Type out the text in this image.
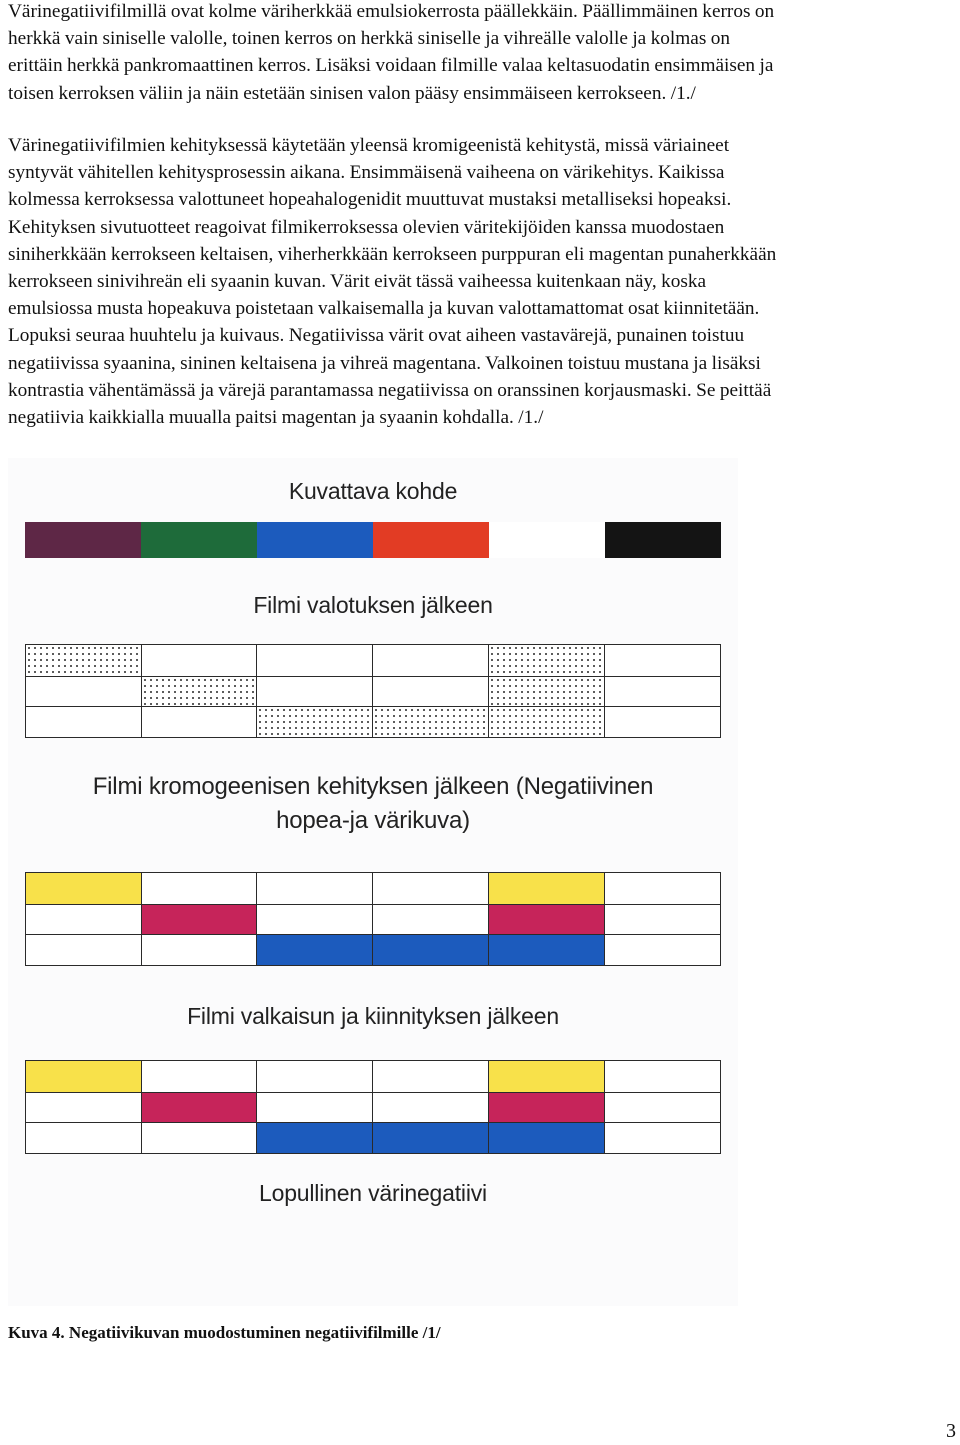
Värinegatiivifilmillä ovat kolme väriherkkää emulsiokerrosta päällekkäin. Päällimmäinen kerros on
herkkä vain siniselle valolle, toinen kerros on herkkä siniselle ja vihreälle valolle ja kolmas on
erittäin herkkä pankromaattinen kerros. Lisäksi voidaan filmille valaa keltasuodatin ensimmäisen ja
toisen kerroksen väliin ja näin estetään sinisen valon pääsy ensimmäiseen kerrokseen. /1./
Värinegatiivifilmien kehityksessä käytetään yleensä kromigeenistä kehitystä, missä väriaineet
syntyvät vähitellen kehitysprosessin aikana. Ensimmäisenä vaiheena on värikehitys. Kaikissa
kolmessa kerroksessa valottuneet hopeahalogenidit muuttuvat mustaksi metalliseksi hopeaksi.
Kehityksen sivutuotteet reagoivat filmikerroksessa olevien väritekijöiden kanssa muodostaen
siniherkkään kerrokseen keltaisen, viherherkkään kerrokseen purppuran eli magentan punaherkkään
kerrokseen sinivihreän eli syaanin kuvan. Värit eivät tässä vaiheessa kuitenkaan näy, koska
emulsiossa musta hopeakuva poistetaan valkaisemalla ja kuvan valottamattomat osat kiinnitetään.
Lopuksi seuraa huuhtelu ja kuivaus. Negatiivissa värit ovat aiheen vastavärejä, punainen toistuu
negatiivissa syaanina, sininen keltaisena ja vihreä magentana. Valkoinen toistuu mustana ja lisäksi
kontrastia vähentämässä ja värejä parantamassa negatiivissa on oranssinen korjausmaski. Se peittää
negatiivia kaikkialla muualla paitsi magentan ja syaanin kohdalla. /1./
Kuvattava kohde
Filmi valotuksen jälkeen
Filmi kromogeenisen kehityksen jälkeen (Negatiivinen
hopea-ja värikuva)
Filmi valkaisun ja kiinnityksen jälkeen
Lopullinen värinegatiivi

Kuva 4. Negatiivikuvan muodostuminen negatiivifilmille /1/

3
